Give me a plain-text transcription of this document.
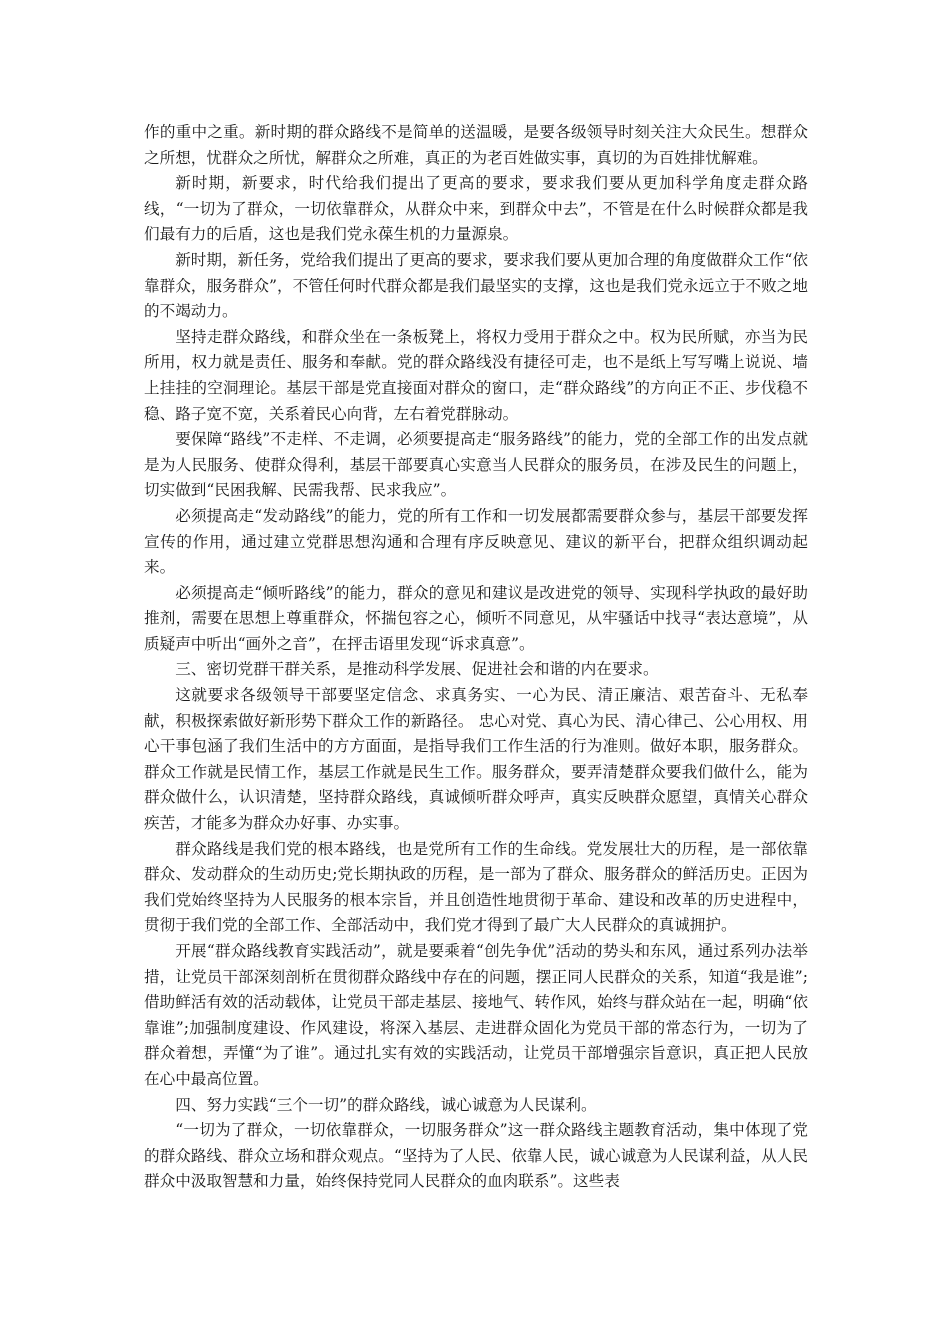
作的重中之重。新时期的群众路线不是简单的送温暖，是要各级领导时刻关注大众民生。想群众之所想，忧群众之所忧，解群众之所难，真正的为老百姓做实事，真切的为百姓排忧解难。

新时期，新要求，时代给我们提出了更高的要求，要求我们要从更加科学角度走群众路线，“一切为了群众，一切依靠群众，从群众中来，到群众中去”，不管是在什么时候群众都是我们最有力的后盾，这也是我们党永葆生机的力量源泉。

新时期，新任务，党给我们提出了更高的要求，要求我们要从更加合理的角度做群众工作“依靠群众，服务群众”，不管任何时代群众都是我们最坚实的支撑，这也是我们党永远立于不败之地的不竭动力。

坚持走群众路线，和群众坐在一条板凳上，将权力受用于群众之中。权为民所赋，亦当为民所用，权力就是责任、服务和奉献。党的群众路线没有捷径可走，也不是纸上写写嘴上说说、墙上挂挂的空洞理论。基层干部是党直接面对群众的窗口，走“群众路线”的方向正不正、步伐稳不稳、路子宽不宽，关系着民心向背，左右着党群脉动。

要保障“路线”不走样、不走调，必须要提高走“服务路线”的能力，党的全部工作的出发点就是为人民服务、使群众得利，基层干部要真心实意当人民群众的服务员，在涉及民生的问题上，切实做到“民困我解、民需我帮、民求我应”。

必须提高走“发动路线”的能力，党的所有工作和一切发展都需要群众参与，基层干部要发挥宣传的作用，通过建立党群思想沟通和合理有序反映意见、建议的新平台，把群众组织调动起来。

必须提高走“倾听路线”的能力，群众的意见和建议是改进党的领导、实现科学执政的最好助推剂，需要在思想上尊重群众，怀揣包容之心，倾听不同意见，从牢骚话中找寻“表达意境”，从质疑声中听出“画外之音”，在抨击语里发现“诉求真意”。

三、密切党群干群关系，是推动科学发展、促进社会和谐的内在要求。

这就要求各级领导干部要坚定信念、求真务实、一心为民、清正廉洁、艰苦奋斗、无私奉献，积极探索做好新形势下群众工作的新路径。 忠心对党、真心为民、清心律己、公心用权、用心干事包涵了我们生活中的方方面面，是指导我们工作生活的行为准则。做好本职，服务群众。群众工作就是民情工作，基层工作就是民生工作。服务群众，要弄清楚群众要我们做什么，能为群众做什么，认识清楚，坚持群众路线，真诚倾听群众呼声，真实反映群众愿望，真情关心群众疾苦，才能多为群众办好事、办实事。

群众路线是我们党的根本路线，也是党所有工作的生命线。党发展壮大的历程，是一部依靠群众、发动群众的生动历史;党长期执政的历程，是一部为了群众、服务群众的鲜活历史。正因为我们党始终坚持为人民服务的根本宗旨，并且创造性地贯彻于革命、建设和改革的历史进程中，贯彻于我们党的全部工作、全部活动中，我们党才得到了最广大人民群众的真诚拥护。

开展“群众路线教育实践活动”，就是要乘着“创先争优”活动的势头和东风，通过系列办法举措，让党员干部深刻剖析在贯彻群众路线中存在的问题，摆正同人民群众的关系，知道“我是谁”;借助鲜活有效的活动载体，让党员干部走基层、接地气、转作风，始终与群众站在一起，明确“依靠谁”;加强制度建设、作风建设，将深入基层、走进群众固化为党员干部的常态行为，一切为了群众着想，弄懂“为了谁”。通过扎实有效的实践活动，让党员干部增强宗旨意识，真正把人民放在心中最高位置。

四、努力实践“三个一切”的群众路线，诚心诚意为人民谋利。

“一切为了群众，一切依靠群众，一切服务群众”这一群众路线主题教育活动，集中体现了党的群众路线、群众立场和群众观点。“坚持为了人民、依靠人民，诚心诚意为人民谋利益，从人民群众中汲取智慧和力量，始终保持党同人民群众的血肉联系”。这些表
